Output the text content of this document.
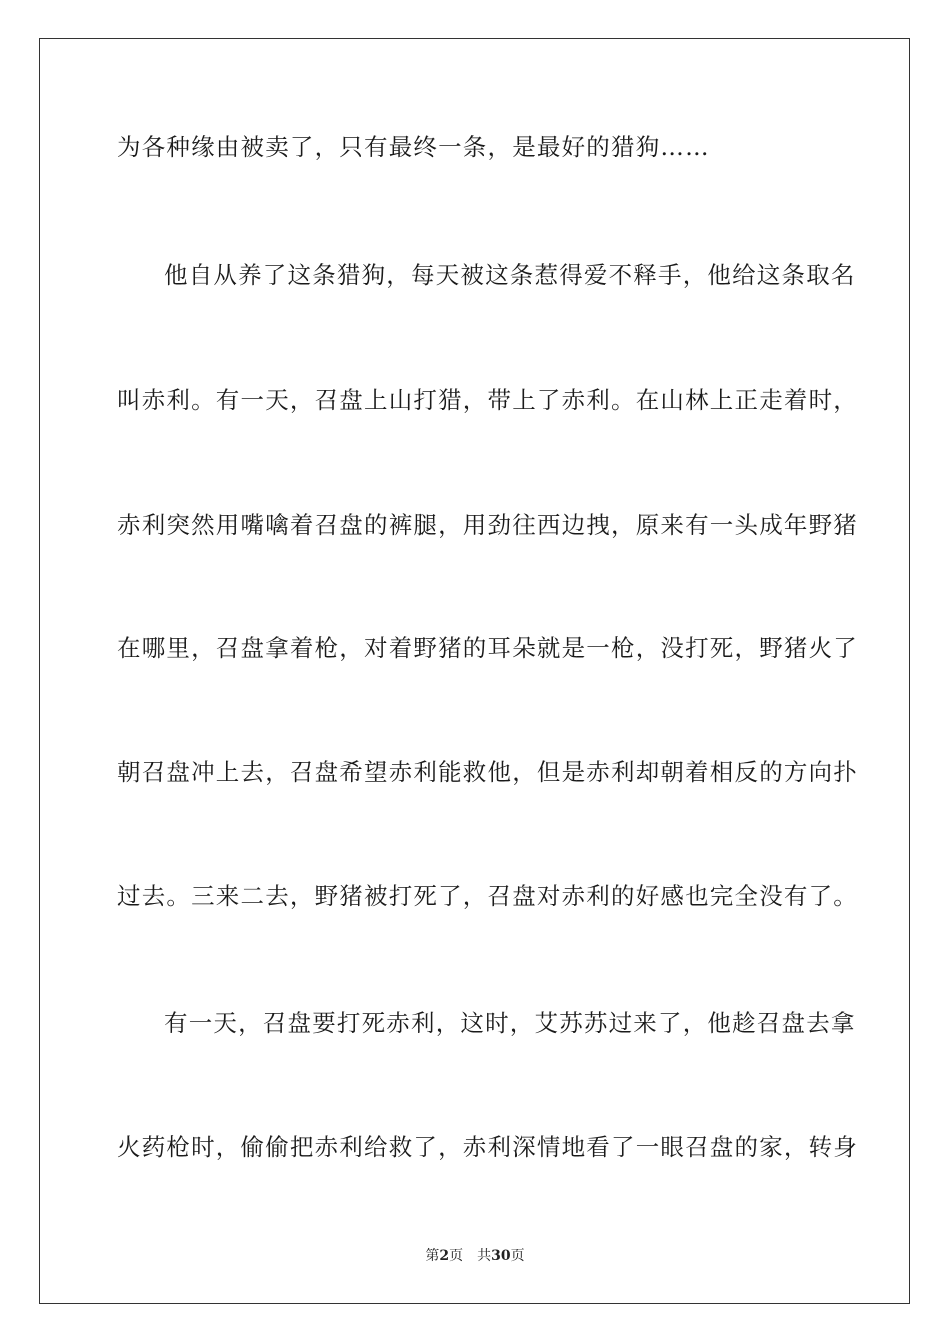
为各种缘由被卖了，只有最终一条，是最好的猎狗……
他自从养了这条猎狗，每天被这条惹得爱不释手，他给这条取名
叫赤利。有一天，召盘上山打猎，带上了赤利。在山林上正走着时，
赤利突然用嘴噙着召盘的裤腿，用劲往西边拽，原来有一头成年野猪
在哪里，召盘拿着枪，对着野猪的耳朵就是一枪，没打死，野猪火了
朝召盘冲上去，召盘希望赤利能救他，但是赤利却朝着相反的方向扑
过去。三来二去，野猪被打死了，召盘对赤利的好感也完全没有了。
有一天，召盘要打死赤利，这时，艾苏苏过来了，他趁召盘去拿
火药枪时，偷偷把赤利给救了，赤利深情地看了一眼召盘的家，转身
第2页 共30页
